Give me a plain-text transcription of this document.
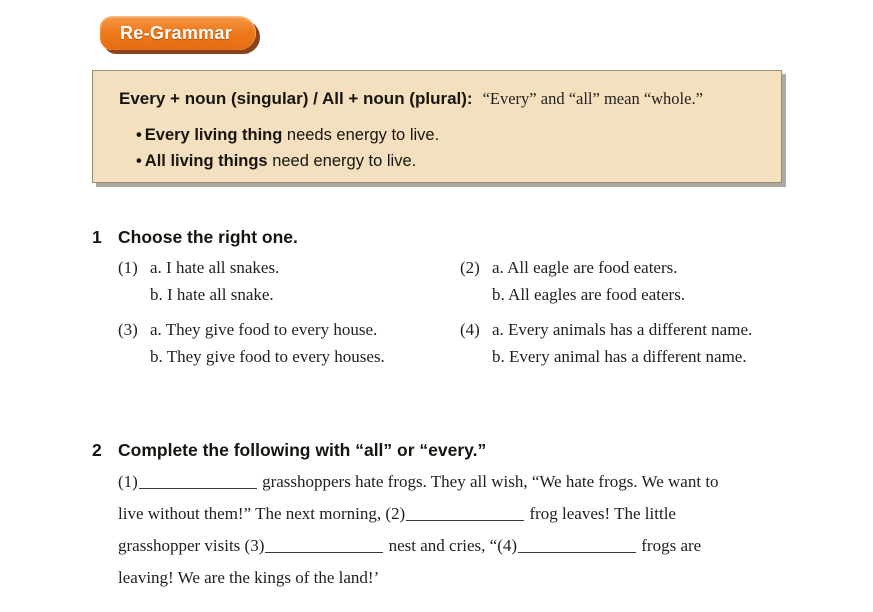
Re-Grammar
Every + noun (singular) / All + noun (plural): “Every” and “all” mean “whole.”
• Every living thing needs energy to live.
• All living things need energy to live.
1 Choose the right one.
(1) a. I hate all snakes.
b. I hate all snake.
(2) a. All eagle are food eaters.
b. All eagles are food eaters.
(3) a. They give food to every house.
b. They give food to every houses.
(4) a. Every animals has a different name.
b. Every animal has a different name.
2 Complete the following with “all” or “every.”
(1)	grasshoppers hate frogs. They all wish, “We hate frogs. We want to
live without them!” The next morning, (2)	frog leaves! The little
grasshopper visits (3)	nest and cries, “(4)	frogs are
leaving! We are the kings of the land!’
